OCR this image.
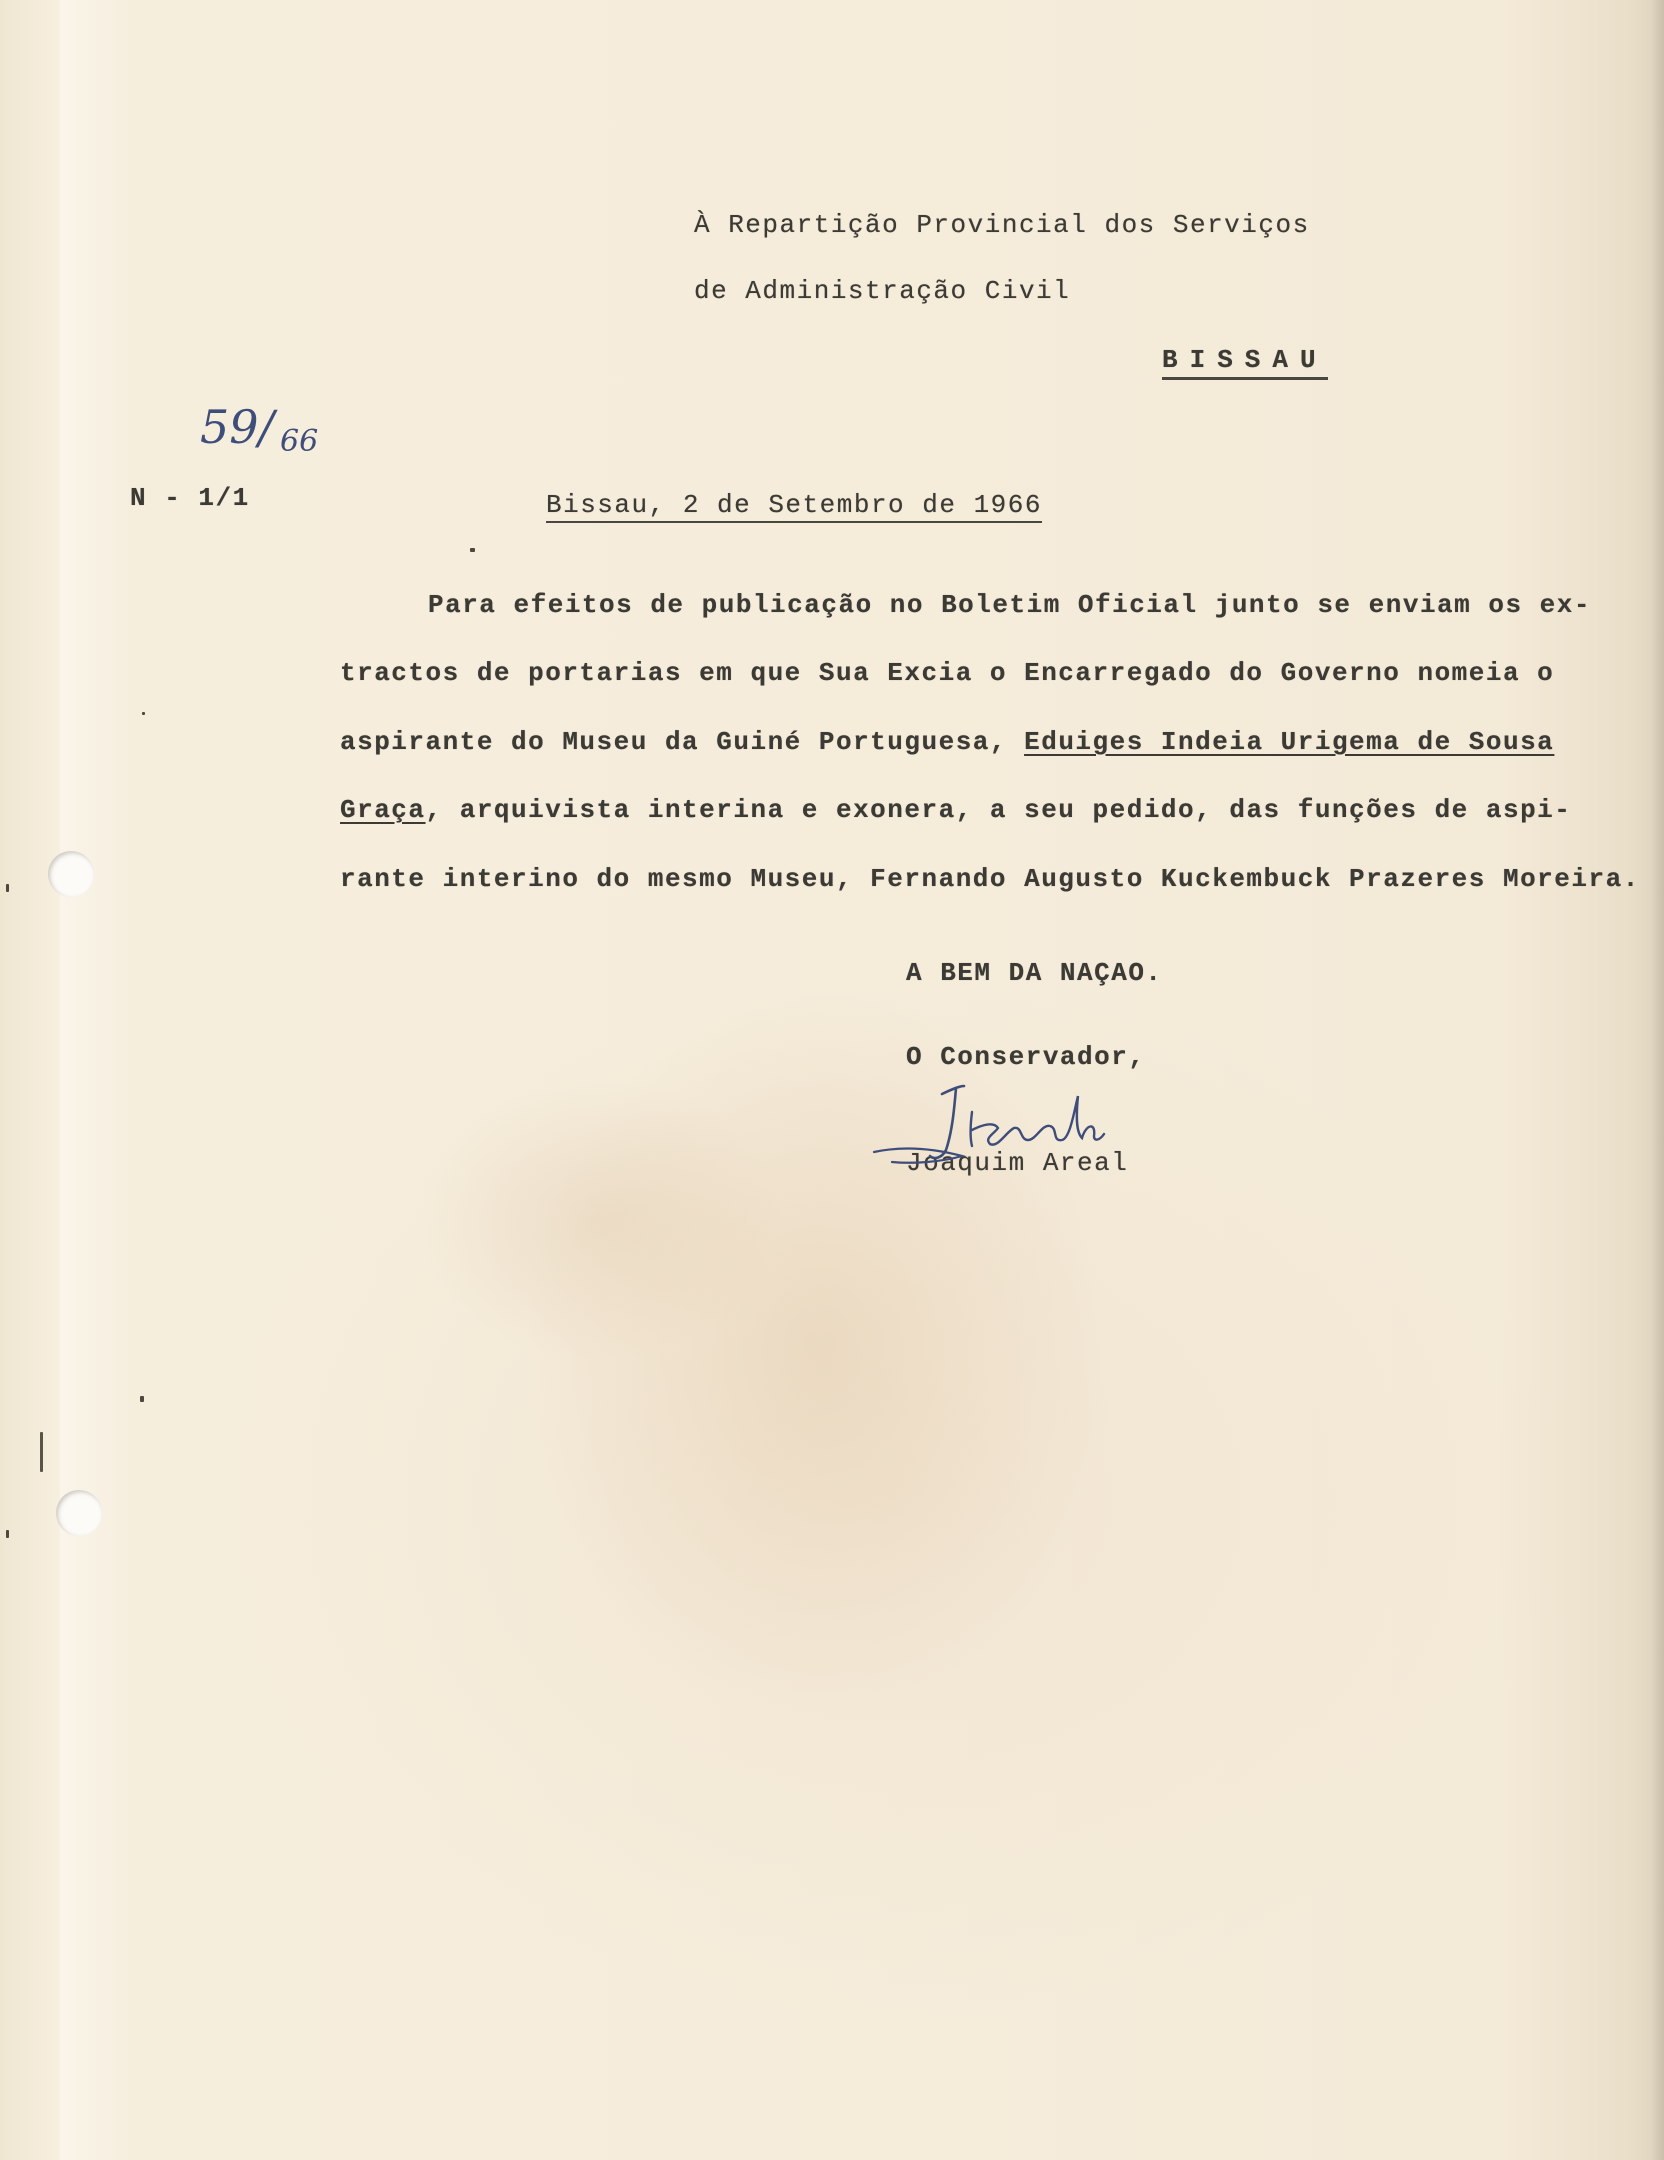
À Repartição Provincial dos Serviços
de Administração Civil
BISSAU
59/ 66
N - 1/1	Bissau, 2 de Setembro de 1966
Para efeitos de publicação no Boletim Oficial junto se enviam os ex-
tractos de portarias em que Sua Excia o Encarregado do Governo nomeia o
aspirante do Museu da Guiné Portuguesa, Eduiges Indeia Urigema de Sousa
Graça, arquivista interina e exonera, a seu pedido, das funções de aspi-
rante interino do mesmo Museu, Fernando Augusto Kuckembuck Prazeres Moreira.
A BEM DA NAÇAO.
O Conservador,
Joaquim Areal
